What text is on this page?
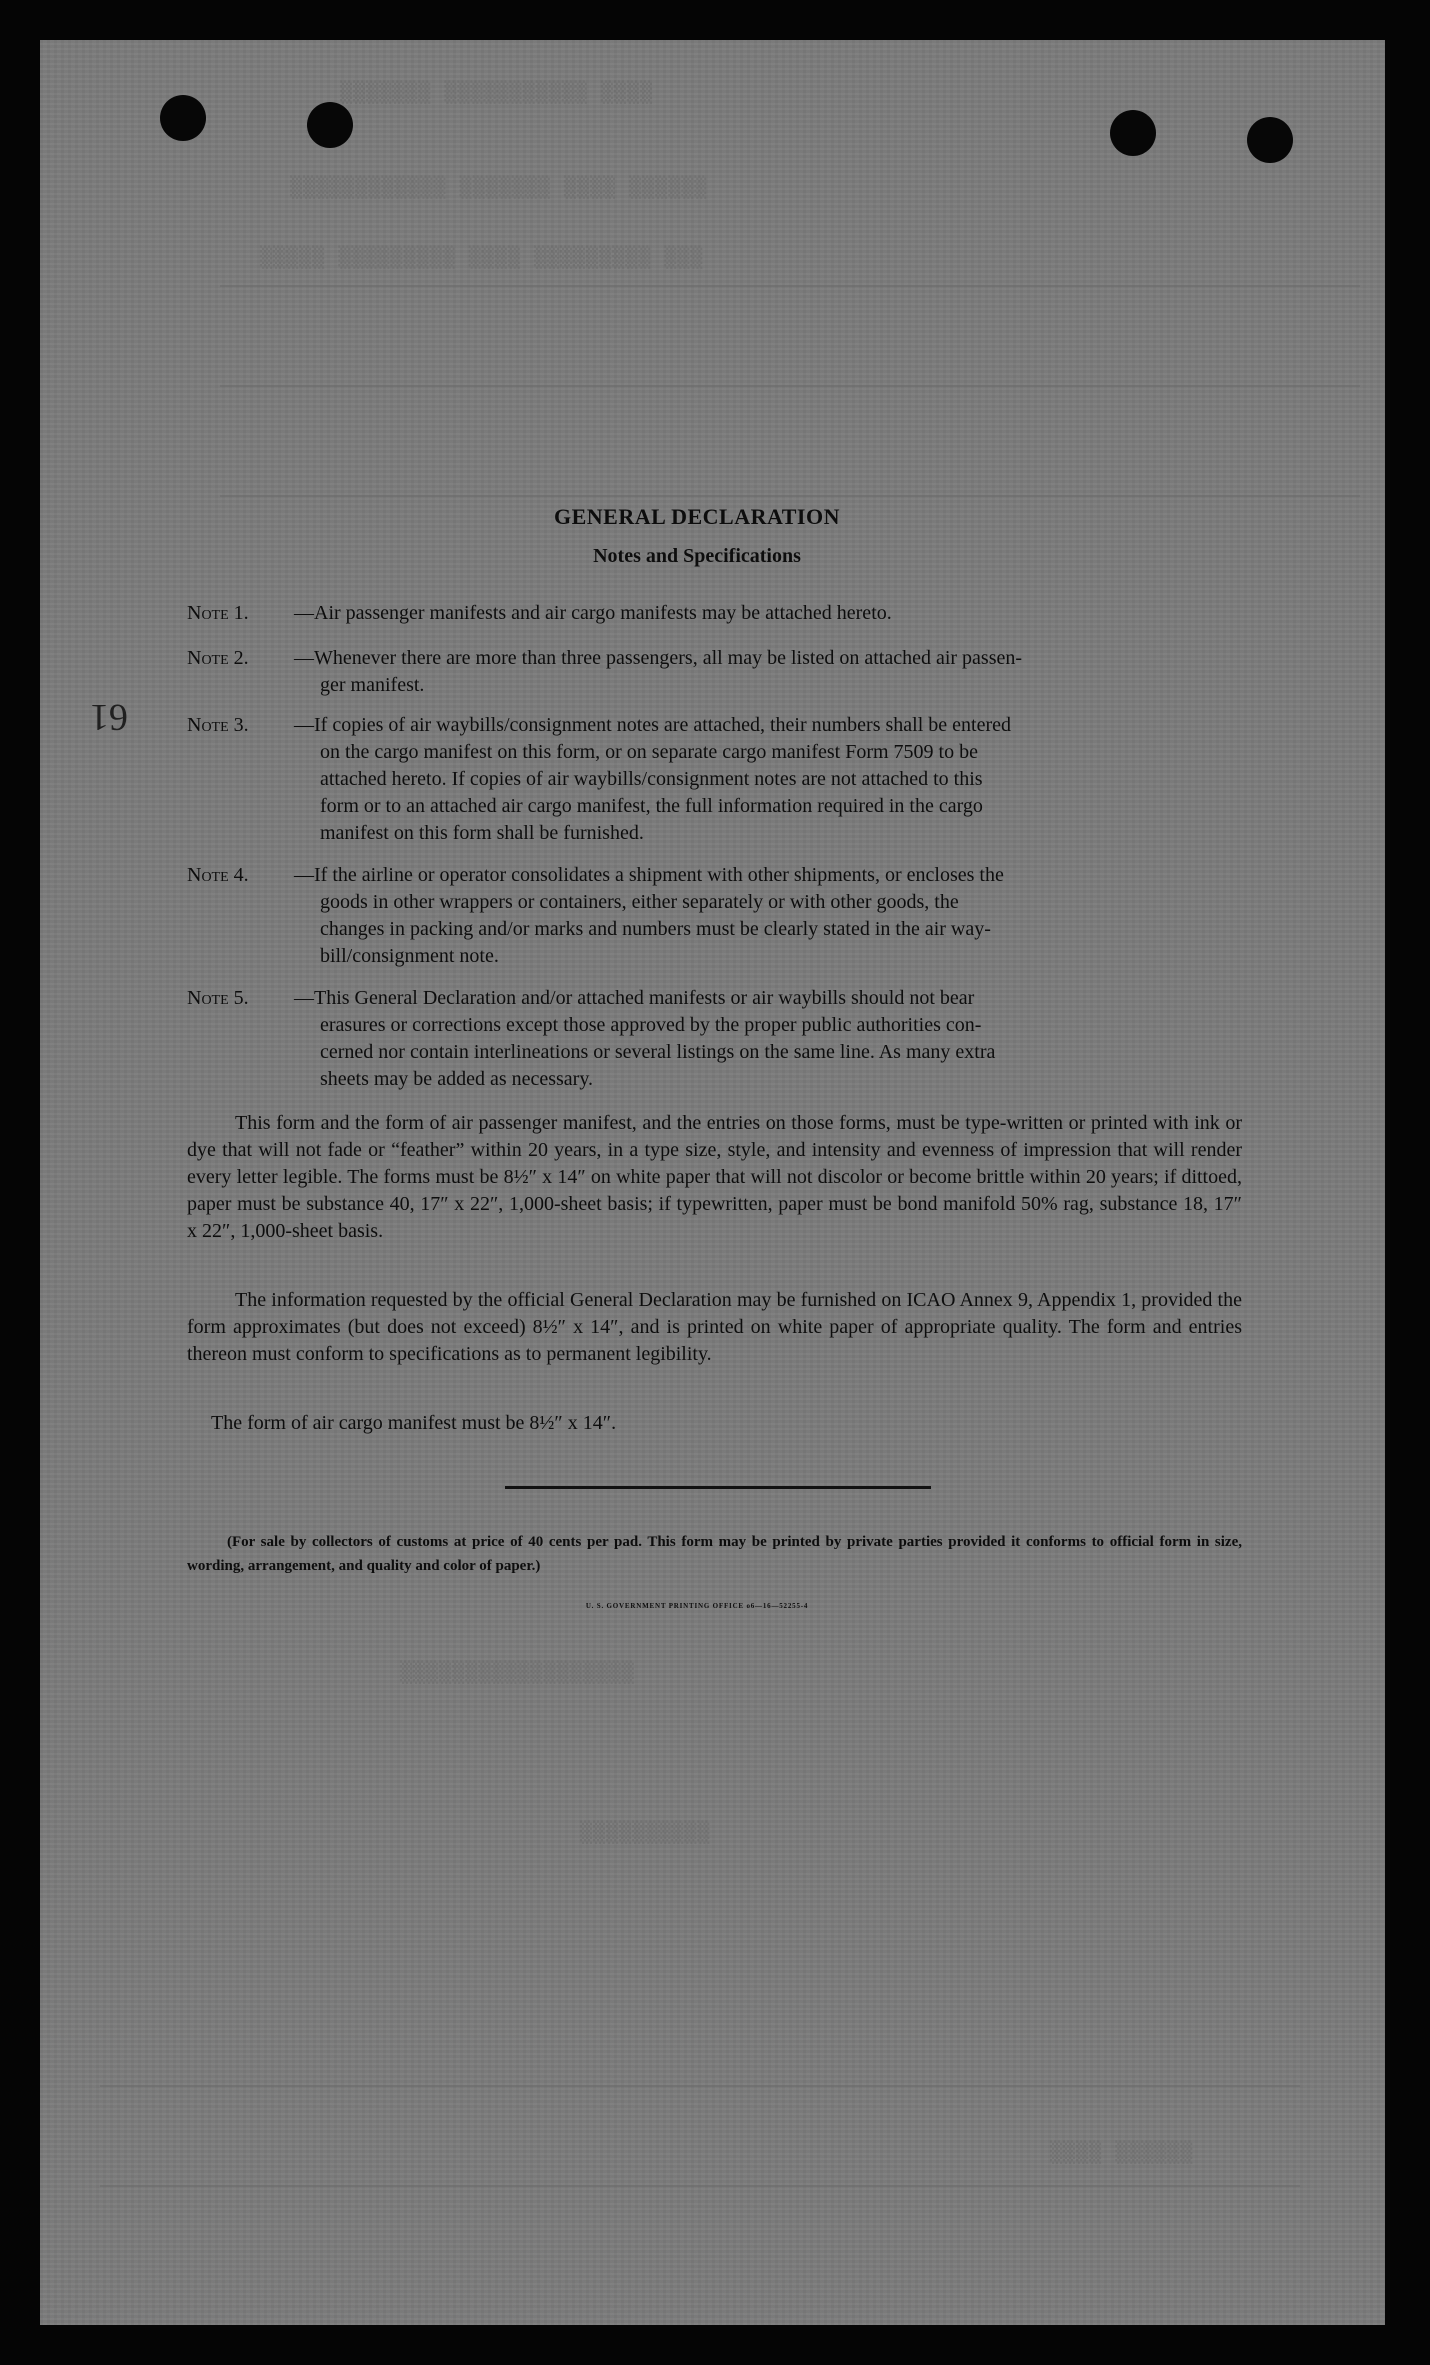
▒▒▒▒▒▒▒ ▒▒▒▒▒▒▒▒▒▒▒ ▒▒▒▒
▒▒▒▒▒▒▒▒▒▒▒▒ ▒▒▒▒▒▒▒ ▒▒▒▒ ▒▒▒▒▒▒
▒▒▒▒▒ ▒▒▒▒▒▒▒▒▒ ▒▒▒▒ ▒▒▒▒▒▒▒▒▒ ▒▒▒
▒▒▒▒▒▒▒▒▒▒▒▒▒▒▒▒▒▒
▒▒▒▒▒▒▒▒▒▒
▒▒▒▒ ▒▒▒▒▒▒
61
GENERAL DECLARATION
Notes and Specifications
Note 1.	—Air passenger manifests and air cargo manifests may be attached hereto.
Note 2.	—Whenever there are more than three passengers, all may be listed on attached air passen-
ger manifest.
Note 3.	—If copies of air waybills/consignment notes are attached, their numbers shall be entered
on the cargo manifest on this form, or on separate cargo manifest Form 7509 to be
attached hereto. If copies of air waybills/consignment notes are not attached to this
form or to an attached air cargo manifest, the full information required in the cargo
manifest on this form shall be furnished.
Note 4.	—If the airline or operator consolidates a shipment with other shipments, or encloses the
goods in other wrappers or containers, either separately or with other goods, the
changes in packing and/or marks and numbers must be clearly stated in the air way-
bill/consignment note.
Note 5.	—This General Declaration and/or attached manifests or air waybills should not bear
erasures or corrections except those approved by the proper public authorities con-
cerned nor contain interlineations or several listings on the same line. As many extra
sheets may be added as necessary.
This form and the form of air passenger manifest, and the entries on those forms, must be type-written or printed with ink or dye that will not fade or “feather” within 20 years, in a type size, style, and intensity and evenness of impression that will render every letter legible. The forms must be 8½″ x 14″ on white paper that will not discolor or become brittle within 20 years; if dittoed, paper must be substance 40, 17″ x 22″, 1,000-sheet basis; if typewritten, paper must be bond manifold 50% rag, substance 18, 17″ x 22″, 1,000-sheet basis.
The information requested by the official General Declaration may be furnished on ICAO Annex 9, Appendix 1, provided the form approximates (but does not exceed) 8½″ x 14″, and is printed on white paper of appropriate quality. The form and entries thereon must conform to specifications as to permanent legibility.
The form of air cargo manifest must be 8½″ x 14″.
(For sale by collectors of customs at price of 40 cents per pad. This form may be printed by private parties provided it conforms to official form in size, wording, arrangement, and quality and color of paper.)
U. S. GOVERNMENT PRINTING OFFICE o6—16—52255-4
